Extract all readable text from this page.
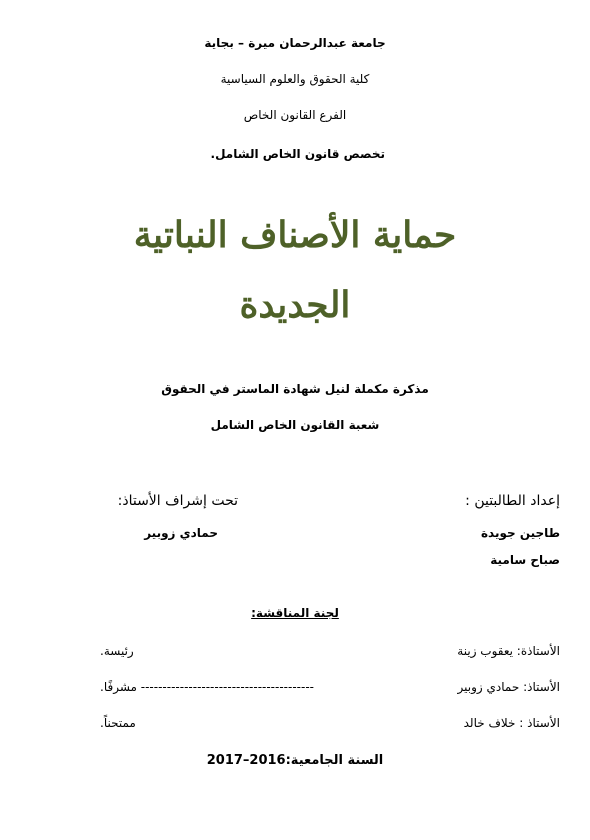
جامعة عبدالرحمان ميرة – بجاية
كلية الحقوق والعلوم السياسية
الفرع القانون الخاص
تخصص قانون الخاص الشامل.
حماية الأصناف النباتية
الجديدة
مذكرة مكملة لنيل شهادة الماستر في الحقوق
شعبة القانون الخاص الشامل
إعداد الطالبتين :
تحت إشراف الأستاذ:
طاجين جويدة
حمادي زوبير
صباح سامية
لجنة المناقشة:
الأستاذة: يعقوب زينة
رئيسة.
الأستاذ: حمادي زوبير
---------------------------------------- مشرفًا.
الأستاذ : خلاف خالد
ممتحناً.
السنة الجامعية:2016–2017
